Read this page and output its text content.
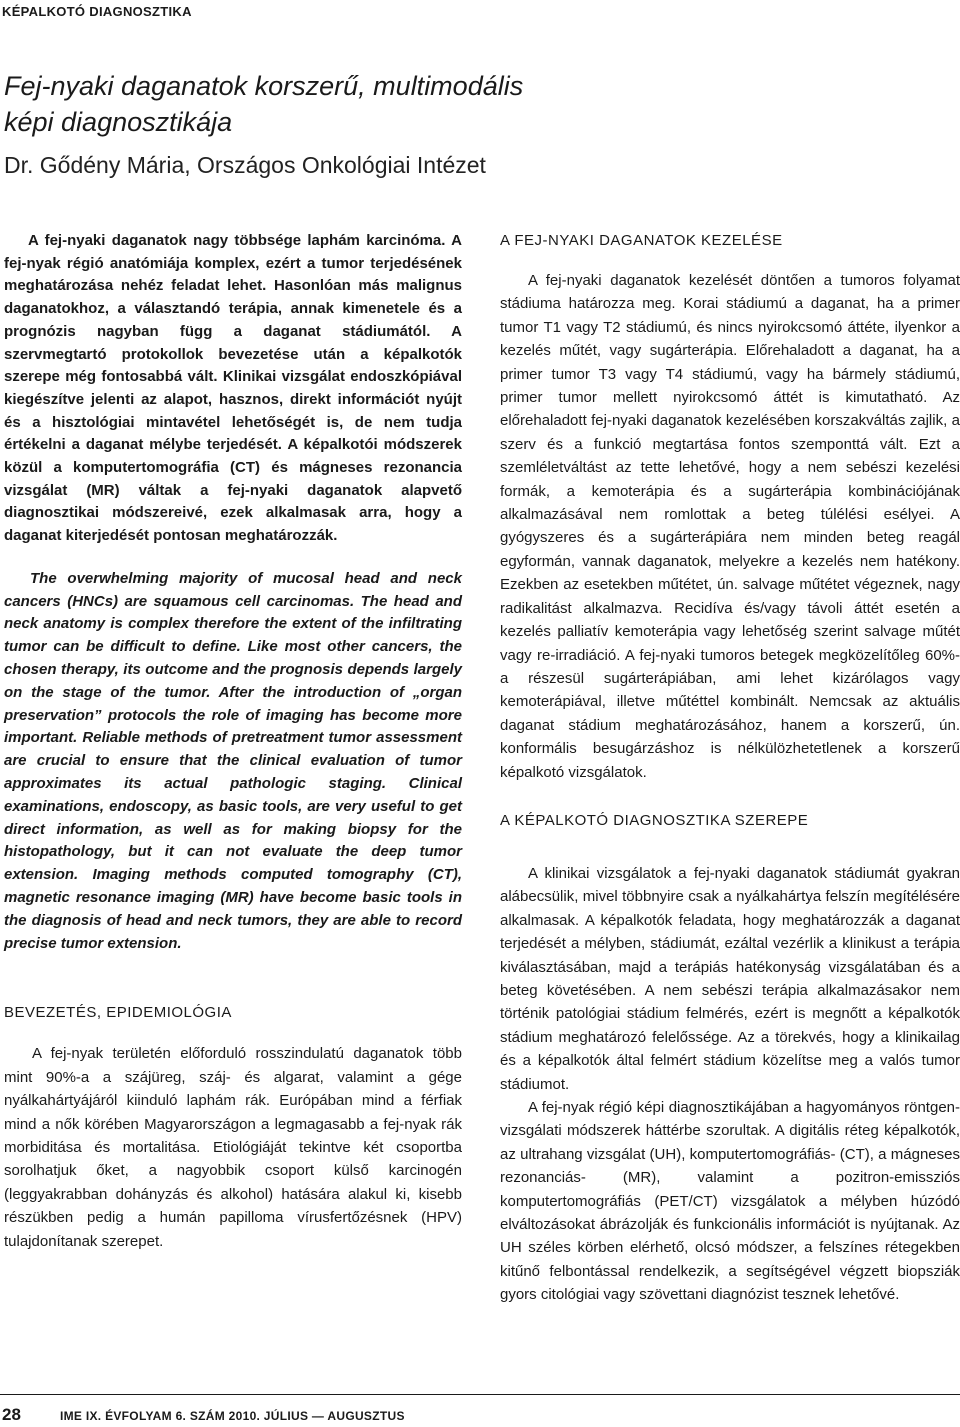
KÉPALKOTÓ DIAGNOSZTIKA
Fej-nyaki daganatok korszerű, multimodális
képi diagnosztikája

Dr. Gődény Mária, Országos Onkológiai Intézet

A fej-nyaki daganatok nagy többsége laphám karcinóma. A fej-nyak régió anatómiája komplex, ezért a tumor terjedésének meghatározása nehéz feladat lehet. Hasonlóan más malignus daganatokhoz, a választandó terápia, annak kimenetele és a prognózis nagyban függ a daganat stádiumától. A szervmegtartó protokollok bevezetése után a képalkotók szerepe még fontosabbá vált. Klinikai vizsgálat endoszkópiával kiegészítve jelenti az alapot, hasznos, direkt információt nyújt és a hisztológiai mintavétel lehetőségét is, de nem tudja értékelni a daganat mélybe terjedését. A képalkotói módszerek közül a komputertomográfia (CT) és mágneses rezonancia vizsgálat (MR) váltak a fej-nyaki daganatok alapvető diagnosztikai módszereivé, ezek alkalmasak arra, hogy a daganat kiterjedését pontosan meghatározzák.

The overwhelming majority of mucosal head and neck cancers (HNCs) are squamous cell carcinomas. The head and neck anatomy is complex therefore the extent of the infiltrating tumor can be difficult to define. Like most other cancers, the chosen therapy, its outcome and the prognosis depends largely on the stage of the tumor. After the introduction of „organ preservation” protocols the role of imaging has become more important. Reliable methods of pretreatment tumor assessment are crucial to ensure that the clinical evaluation of tumor approximates its actual pathologic staging. Clinical examinations, endoscopy, as basic tools, are very useful to get direct information, as well as for making biopsy for the histopathology, but it can not evaluate the deep tumor extension. Imaging methods computed tomography (CT), magnetic resonance imaging (MR) have become basic tools in the diagnosis of head and neck tumors, they are able to record precise tumor extension.

BEVEZETÉS, EPIDEMIOLÓGIA

A fej-nyak területén előforduló rosszindulatú daganatok több mint 90%-a a szájüreg, száj- és algarat, valamint a gége nyálkahártyájáról kiinduló laphám rák. Európában mind a férfiak mind a nők körében Magyarországon a legmagasabb a fej-nyak rák morbiditása és mortalitása. Etiológiáját tekintve két csoportba sorolhatjuk őket, a nagyobbik csoport külső karcinogén (leggyakrabban dohányzás és alkohol) hatására alakul ki, kisebb részükben pedig a humán papilloma vírusfertőzésnek (HPV) tulajdonítanak szerepet.

A FEJ-NYAKI DAGANATOK KEZELÉSE

A fej-nyaki daganatok kezelését döntően a tumoros folyamat stádiuma határozza meg. Korai stádiumú a daganat, ha a primer tumor T1 vagy T2 stádiumú, és nincs nyirokcsomó áttéte, ilyenkor a kezelés műtét, vagy sugárterápia. Előrehaladott a daganat, ha a primer tumor T3 vagy T4 stádiumú, vagy ha bármely stádiumú, primer tumor mellett nyirokcsomó áttét is kimutatható. Az előrehaladott fej-nyaki daganatok kezelésében korszakváltás zajlik, a szerv és a funkció megtartása fontos szemponttá vált. Ezt a szemléletváltást az tette lehetővé, hogy a nem sebészi kezelési formák, a kemoterápia és a sugárterápia kombinációjának alkalmazásával nem romlottak a beteg túlélési esélyei. A gyógyszeres és a sugárterápiára nem minden beteg reagál egyformán, vannak daganatok, melyekre a kezelés nem hatékony. Ezekben az esetekben műtétet, ún. salvage műtétet végeznek, nagy radikalitást alkalmazva. Recidíva és/vagy távoli áttét esetén a kezelés palliatív kemoterápia vagy lehetőség szerint salvage műtét vagy re-irradiáció. A fej-nyaki tumoros betegek megközelítőleg 60%-a részesül sugárterápiában, ami lehet kizárólagos vagy kemoterápiával, illetve műtéttel kombinált. Nemcsak az aktuális daganat stádium meghatározásához, hanem a korszerű, ún. konformális besugárzáshoz is nélkülözhetetlenek a korszerű képalkotó vizsgálatok.

A KÉPALKOTÓ DIAGNOSZTIKA SZEREPE

A klinikai vizsgálatok a fej-nyaki daganatok stádiumát gyakran alábecsülik, mivel többnyire csak a nyálkahártya felszín megítélésére alkalmasak. A képalkotók feladata, hogy meghatározzák a daganat terjedését a mélyben, stádiumát, ezáltal vezérlik a klinikust a terápia kiválasztásában, majd a terápiás hatékonyság vizsgálatában és a beteg követésében. A nem sebészi terápia alkalmazásakor nem történik patológiai stádium felmérés, ezért is megnőtt a képalkotók stádium meghatározó felelőssége. Az a törekvés, hogy a klinikailag és a képalkotók által felmért stádium közelítse meg a valós tumor stádiumot.

A fej-nyak régió képi diagnosztikájában a hagyományos röntgen-vizsgálati módszerek háttérbe szorultak. A digitális réteg képalkotók, az ultrahang vizsgálat (UH), komputertomográfiás- (CT), a mágneses rezonanciás- (MR), valamint a pozitron-emissziós komputertomográfiás (PET/CT) vizsgálatok a mélyben húzódó elváltozásokat ábrázolják és funkcionális információt is nyújtanak. Az UH széles körben elérhető, olcsó módszer, a felszínes rétegekben kitűnő felbontással rendelkezik, a segítségével végzett biopsziák gyors citológiai vagy szövettani diagnózist tesznek lehetővé.

28	IME IX. ÉVFOLYAM 6. SZÁM 2010. JÚLIUS — AUGUSZTUS
